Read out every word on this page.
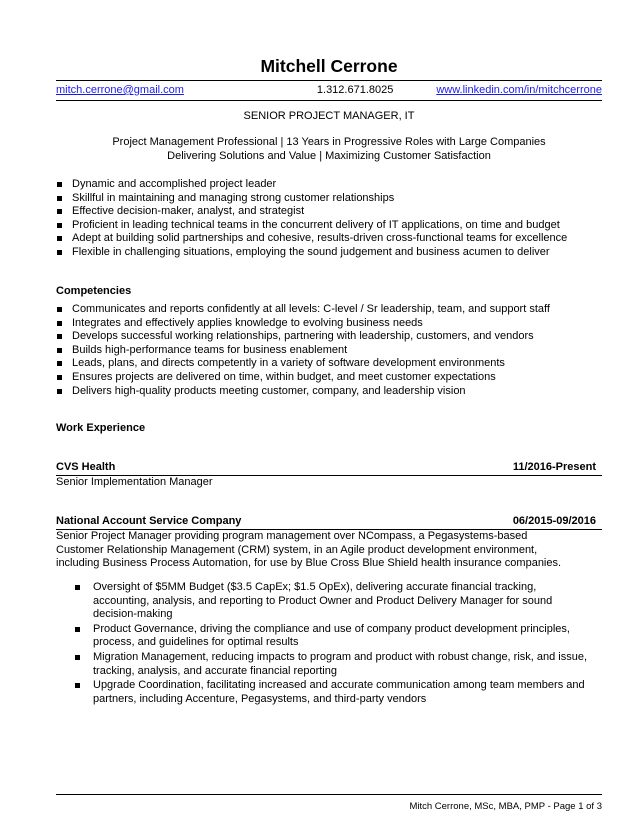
Mitchell Cerrone
mitch.cerrone@gmail.com	1.312.671.8025	www.linkedin.com/in/mitchcerrone
SENIOR PROJECT MANAGER, IT
Project Management Professional | 13 Years in Progressive Roles with Large Companies
Delivering Solutions and Value | Maximizing Customer Satisfaction
Dynamic and accomplished project leader
Skillful in maintaining and managing strong customer relationships
Effective decision-maker, analyst, and strategist
Proficient in leading technical teams in the concurrent delivery of IT applications, on time and budget
Adept at building solid partnerships and cohesive, results-driven cross-functional teams for excellence
Flexible in challenging situations, employing the sound judgement and business acumen to deliver
Competencies
Communicates and reports confidently at all levels: C-level / Sr leadership, team, and support staff
Integrates and effectively applies knowledge to evolving business needs
Develops successful working relationships, partnering with leadership, customers, and vendors
Builds high-performance teams for business enablement
Leads, plans, and directs competently in a variety of software development environments
Ensures projects are delivered on time, within budget, and meet customer expectations
Delivers high-quality products meeting customer, company, and leadership vision
Work Experience
CVS Health	11/2016-Present
Senior Implementation Manager
National Account Service Company	06/2015-09/2016
Senior Project Manager providing program management over NCompass, a Pegasystems-based
Customer Relationship Management (CRM) system, in an Agile product development environment,
including Business Process Automation, for use by Blue Cross Blue Shield health insurance companies.
Oversight of $5MM Budget ($3.5 CapEx; $1.5 OpEx), delivering accurate financial tracking, accounting, analysis, and reporting to Product Owner and Product Delivery Manager for sound decision-making
Product Governance, driving the compliance and use of company product development principles, process, and guidelines for optimal results
Migration Management, reducing impacts to program and product with robust change, risk, and issue, tracking, analysis, and accurate financial reporting
Upgrade Coordination, facilitating increased and accurate communication among team members and partners, including Accenture, Pegasystems, and third-party vendors
Mitch Cerrone, MSc, MBA, PMP - Page 1 of 3
